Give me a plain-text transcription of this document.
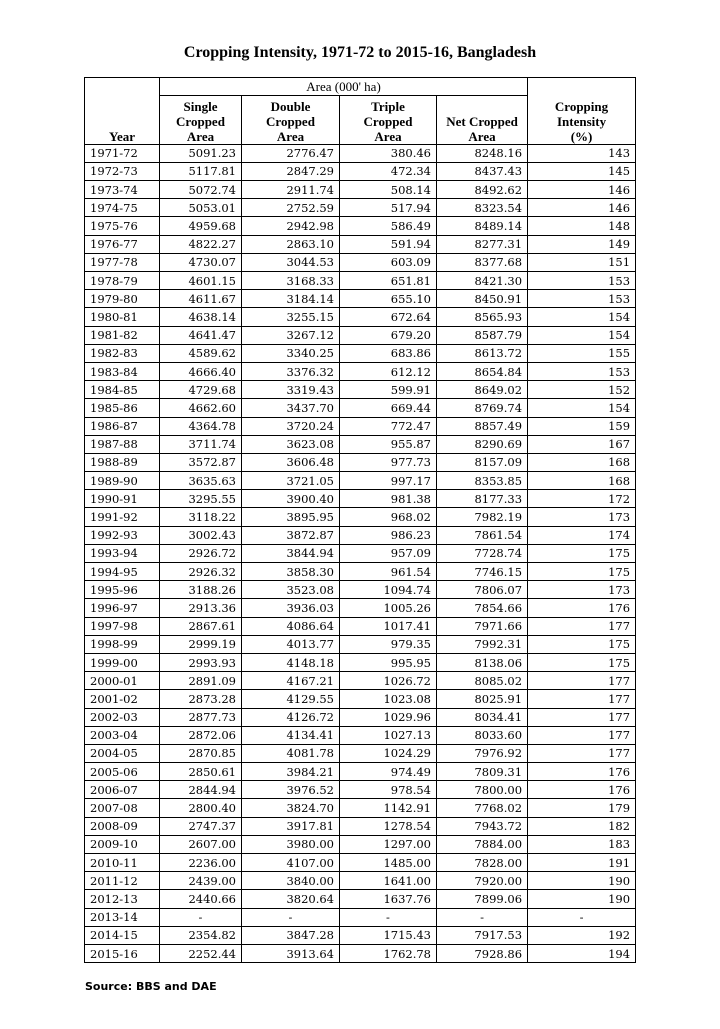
Cropping Intensity, 1971-72 to 2015-16, Bangladesh
	Area (000' ha)				
Year	Single
Cropped
Area	Double
Cropped
Area	Triple
Cropped
Area	Net Cropped
Area	Cropping
Intensity
(%)
1971-72	5091.23	2776.47	380.46	8248.16	143
1972-73	5117.81	2847.29	472.34	8437.43	145
1973-74	5072.74	2911.74	508.14	8492.62	146
1974-75	5053.01	2752.59	517.94	8323.54	146
1975-76	4959.68	2942.98	586.49	8489.14	148
1976-77	4822.27	2863.10	591.94	8277.31	149
1977-78	4730.07	3044.53	603.09	8377.68	151
1978-79	4601.15	3168.33	651.81	8421.30	153
1979-80	4611.67	3184.14	655.10	8450.91	153
1980-81	4638.14	3255.15	672.64	8565.93	154
1981-82	4641.47	3267.12	679.20	8587.79	154
1982-83	4589.62	3340.25	683.86	8613.72	155
1983-84	4666.40	3376.32	612.12	8654.84	153
1984-85	4729.68	3319.43	599.91	8649.02	152
1985-86	4662.60	3437.70	669.44	8769.74	154
1986-87	4364.78	3720.24	772.47	8857.49	159
1987-88	3711.74	3623.08	955.87	8290.69	167
1988-89	3572.87	3606.48	977.73	8157.09	168
1989-90	3635.63	3721.05	997.17	8353.85	168
1990-91	3295.55	3900.40	981.38	8177.33	172
1991-92	3118.22	3895.95	968.02	7982.19	173
1992-93	3002.43	3872.87	986.23	7861.54	174
1993-94	2926.72	3844.94	957.09	7728.74	175
1994-95	2926.32	3858.30	961.54	7746.15	175
1995-96	3188.26	3523.08	1094.74	7806.07	173
1996-97	2913.36	3936.03	1005.26	7854.66	176
1997-98	2867.61	4086.64	1017.41	7971.66	177
1998-99	2999.19	4013.77	979.35	7992.31	175
1999-00	2993.93	4148.18	995.95	8138.06	175
2000-01	2891.09	4167.21	1026.72	8085.02	177
2001-02	2873.28	4129.55	1023.08	8025.91	177
2002-03	2877.73	4126.72	1029.96	8034.41	177
2003-04	2872.06	4134.41	1027.13	8033.60	177
2004-05	2870.85	4081.78	1024.29	7976.92	177
2005-06	2850.61	3984.21	974.49	7809.31	176
2006-07	2844.94	3976.52	978.54	7800.00	176
2007-08	2800.40	3824.70	1142.91	7768.02	179
2008-09	2747.37	3917.81	1278.54	7943.72	182
2009-10	2607.00	3980.00	1297.00	7884.00	183
2010-11	2236.00	4107.00	1485.00	7828.00	191
2011-12	2439.00	3840.00	1641.00	7920.00	190
2012-13	2440.66	3820.64	1637.76	7899.06	190
2013-14	-	-	-	-	-
2014-15	2354.82	3847.28	1715.43	7917.53	192
2015-16	2252.44	3913.64	1762.78	7928.86	194
Source: BBS and DAE
